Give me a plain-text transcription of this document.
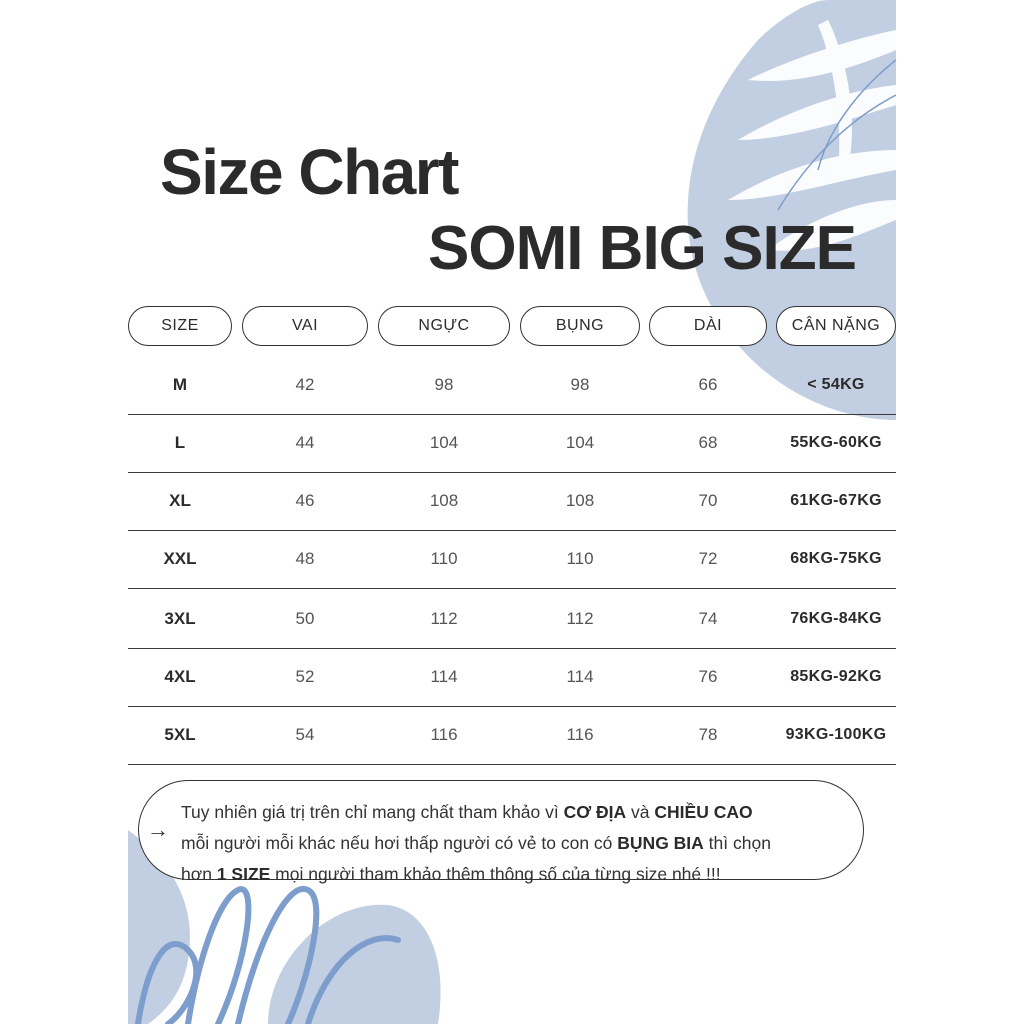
Size Chart
SOMI BIG SIZE
SIZE	VAI	NGỰC	BỤNG	DÀI	CÂN NẶNG
M	42	98	98	66	< 54KG
L	44	104	104	68	55KG-60KG
XL	46	108	108	70	61KG-67KG
XXL	48	110	110	72	68KG-75KG
3XL	50	112	112	74	76KG-84KG
4XL	52	114	114	76	85KG-92KG
5XL	54	116	116	78	93KG-100KG
→
Tuy nhiên giá trị trên chỉ mang chất tham khảo vì CƠ ĐỊA và CHIỀU CAO
mỗi người mỗi khác nếu hơi thấp người có vẻ to con có BỤNG BIA thì chọn
hơn 1 SIZE mọi người tham khảo thêm thông số của từng size nhé !!!
